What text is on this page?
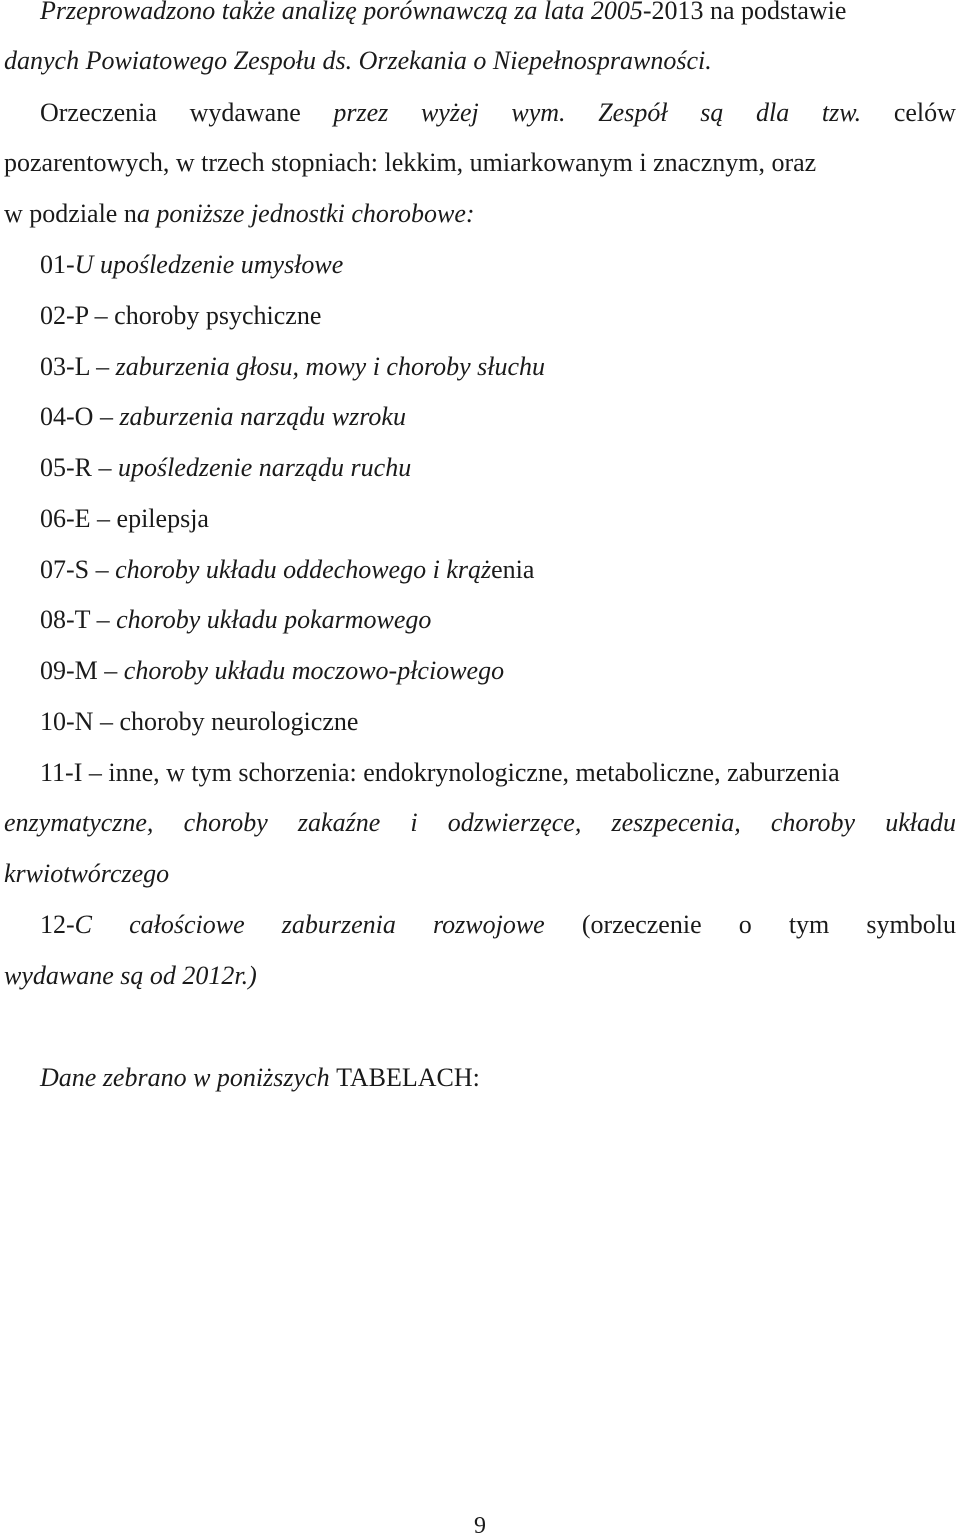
Przeprowadzono także analizę porównawczą za lata 2005-2013 na podstawie
danych Powiatowego Zespołu ds. Orzekania o Niepełnosprawności.
Orzeczenia wydawane przez wyżej wym. Zespół są dla tzw. celów
pozarentowych, w trzech stopniach: lekkim, umiarkowanym i znacznym, oraz
w podziale na poniższe jednostki chorobowe:
01-U upośledzenie umysłowe
02-P – choroby psychiczne
03-L – zaburzenia głosu, mowy i choroby słuchu
04-O – zaburzenia narządu wzroku
05-R – upośledzenie narządu ruchu
06-E – epilepsja
07-S – choroby układu oddechowego i krążenia
08-T – choroby układu pokarmowego
09-M – choroby układu moczowo-płciowego
10-N – choroby neurologiczne
11-I – inne, w tym schorzenia: endokrynologiczne, metaboliczne, zaburzenia
enzymatyczne, choroby zakaźne i odzwierzęce, zeszpecenia, choroby układu
krwiotwórczego
12-C całościowe zaburzenia rozwojowe (orzeczenie o tym symbolu
wydawane są od 2012r.)
Dane zebrano w poniższych TABELACH:
9
